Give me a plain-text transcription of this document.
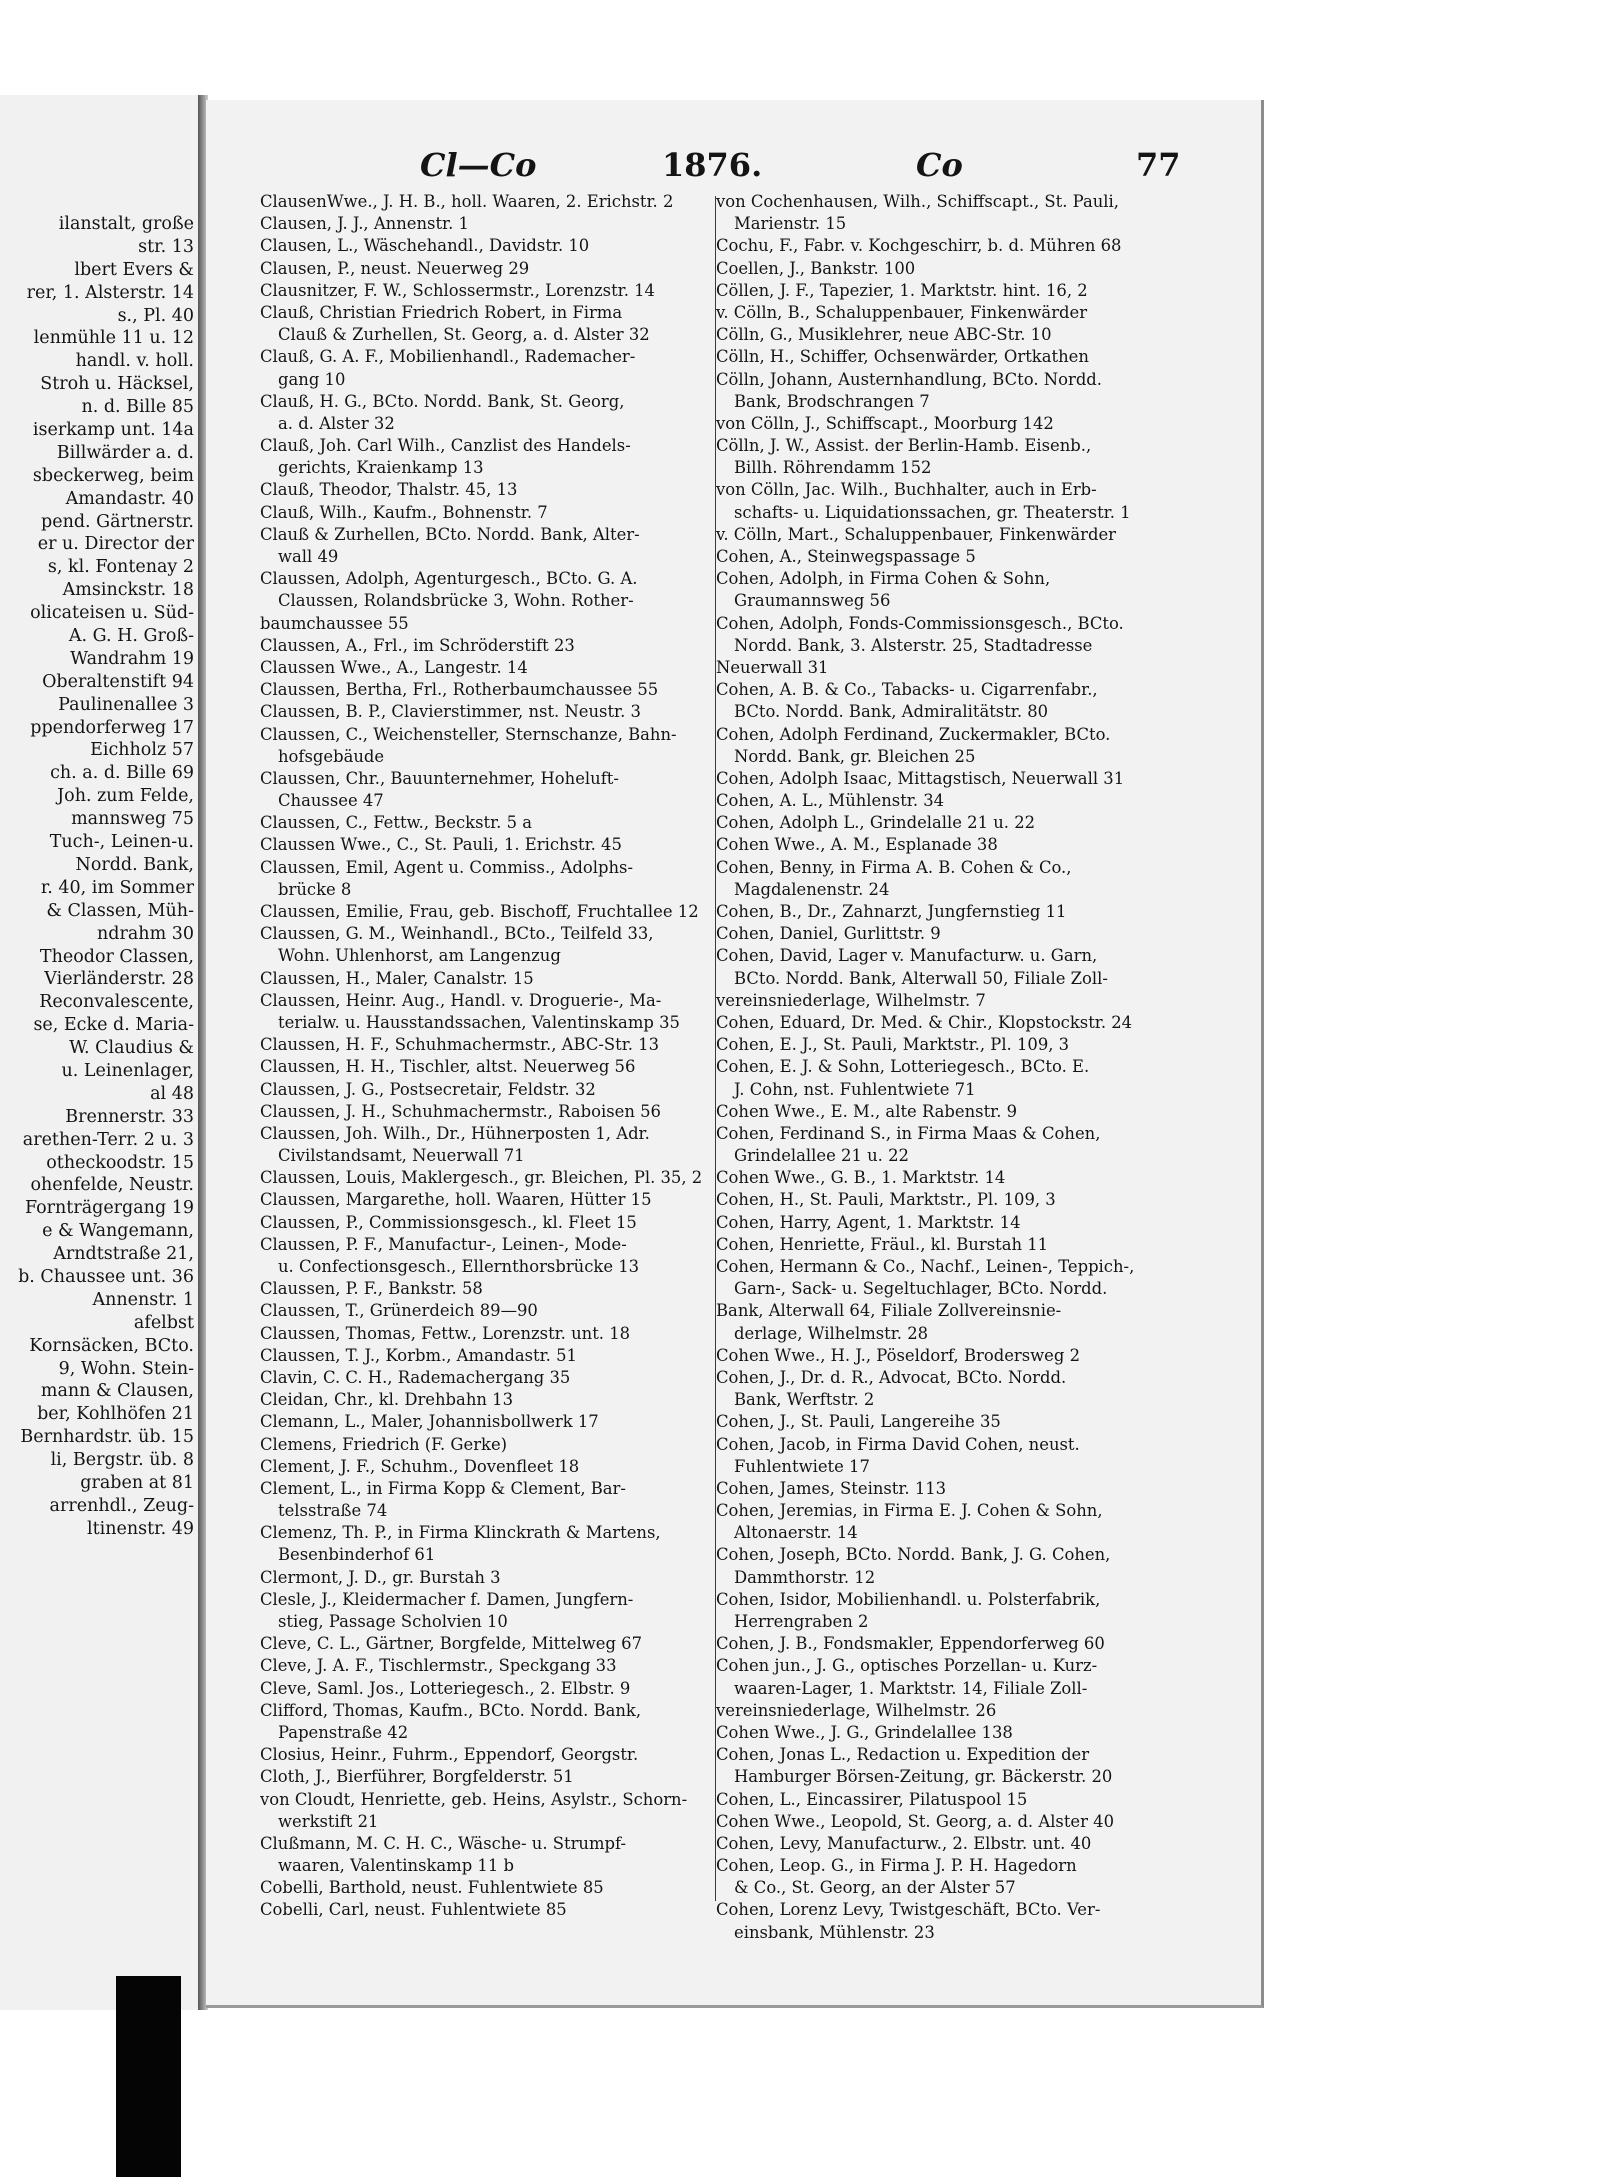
ilanstalt, große
str. 13
lbert Evers &
rer, 1. Alsterstr. 14
s., Pl. 40
lenmühle 11 u. 12
handl. v. holl.
Stroh u. Häcksel,
n. d. Bille 85
iserkamp unt. 14a
Billwärder a. d.
sbeckerweg, beim
Amandastr. 40
pend. Gärtnerstr.
er u. Director der
s, kl. Fontenay 2
Amsinckstr. 18
olicateisen u. Süd-
A. G. H. Groß-
Wandrahm 19
Oberaltenstift 94
Paulinenallee 3
ppendorferweg 17
Eichholz 57
ch. a. d. Bille 69
Joh. zum Felde,
mannsweg 75
Tuch-, Leinen-u.
Nordd. Bank,
r. 40, im Sommer
& Classen, Müh-
ndrahm 30
Theodor Classen,
Vierländerstr. 28
Reconvalescente,
se, Ecke d. Maria-
W. Claudius &
u. Leinenlager,
al 48
Brennerstr. 33
arethen-Terr. 2 u. 3
otheckoodstr. 15
ohenfelde, Neustr.
Fornträgergang 19
e & Wangemann,
Arndtstraße 21,
b. Chaussee unt. 36
Annenstr. 1
afelbst
Kornsäcken, BCto.
9, Wohn. Stein-
mann & Clausen,
ber, Kohlhöfen 21
Bernhardstr. üb. 15
li, Bergstr. üb. 8
graben at 81
arrenhdl., Zeug-
ltinenstr. 49
Cl—Co	1876.	Co	77
ClausenWwe., J. H. B., holl. Waaren, 2. Erichstr. 2
Clausen, J. J., Annenstr. 1
Clausen, L., Wäschehandl., Davidstr. 10
Clausen, P., neust. Neuerweg 29
Clausnitzer, F. W., Schlossermstr., Lorenzstr. 14
Clauß, Christian Friedrich Robert, in Firma
Clauß & Zurhellen, St. Georg, a. d. Alster 32
Clauß, G. A. F., Mobilienhandl., Rademacher-
gang 10
Clauß, H. G., BCto. Nordd. Bank, St. Georg,
a. d. Alster 32
Clauß, Joh. Carl Wilh., Canzlist des Handels-
gerichts, Kraienkamp 13
Clauß, Theodor, Thalstr. 45, 13
Clauß, Wilh., Kaufm., Bohnenstr. 7
Clauß & Zurhellen, BCto. Nordd. Bank, Alter-
wall 49
Claussen, Adolph, Agenturgesch., BCto. G. A.
Claussen, Rolandsbrücke 3, Wohn. Rother-
baumchaussee 55
Claussen, A., Frl., im Schröderstift 23
Claussen Wwe., A., Langestr. 14
Claussen, Bertha, Frl., Rotherbaumchaussee 55
Claussen, B. P., Clavierstimmer, nst. Neustr. 3
Claussen, C., Weichensteller, Sternschanze, Bahn-
hofsgebäude
Claussen, Chr., Bauunternehmer, Hoheluft-
Chaussee 47
Claussen, C., Fettw., Beckstr. 5 a
Claussen Wwe., C., St. Pauli, 1. Erichstr. 45
Claussen, Emil, Agent u. Commiss., Adolphs-
brücke 8
Claussen, Emilie, Frau, geb. Bischoff, Fruchtallee 12
Claussen, G. M., Weinhandl., BCto., Teilfeld 33,
Wohn. Uhlenhorst, am Langenzug
Claussen, H., Maler, Canalstr. 15
Claussen, Heinr. Aug., Handl. v. Droguerie-, Ma-
terialw. u. Hausstandssachen, Valentinskamp 35
Claussen, H. F., Schuhmachermstr., ABC-Str. 13
Claussen, H. H., Tischler, altst. Neuerweg 56
Claussen, J. G., Postsecretair, Feldstr. 32
Claussen, J. H., Schuhmachermstr., Raboisen 56
Claussen, Joh. Wilh., Dr., Hühnerposten 1, Adr.
Civilstandsamt, Neuerwall 71
Claussen, Louis, Maklergesch., gr. Bleichen, Pl. 35, 2
Claussen, Margarethe, holl. Waaren, Hütter 15
Claussen, P., Commissionsgesch., kl. Fleet 15
Claussen, P. F., Manufactur-, Leinen-, Mode-
u. Confectionsgesch., Ellernthorsbrücke 13
Claussen, P. F., Bankstr. 58
Claussen, T., Grünerdeich 89—90
Claussen, Thomas, Fettw., Lorenzstr. unt. 18
Claussen, T. J., Korbm., Amandastr. 51
Clavin, C. C. H., Rademachergang 35
Cleidan, Chr., kl. Drehbahn 13
Clemann, L., Maler, Johannisbollwerk 17
Clemens, Friedrich (F. Gerke)
Clement, J. F., Schuhm., Dovenfleet 18
Clement, L., in Firma Kopp & Clement, Bar-
telsstraße 74
Clemenz, Th. P., in Firma Klinckrath & Martens,
Besenbinderhof 61
Clermont, J. D., gr. Burstah 3
Clesle, J., Kleidermacher f. Damen, Jungfern-
stieg, Passage Scholvien 10
Cleve, C. L., Gärtner, Borgfelde, Mittelweg 67
Cleve, J. A. F., Tischlermstr., Speckgang 33
Cleve, Saml. Jos., Lotteriegesch., 2. Elbstr. 9
Clifford, Thomas, Kaufm., BCto. Nordd. Bank,
Papenstraße 42
Closius, Heinr., Fuhrm., Eppendorf, Georgstr.
Cloth, J., Bierführer, Borgfelderstr. 51
von Cloudt, Henriette, geb. Heins, Asylstr., Schorn-
werkstift 21
Clußmann, M. C. H. C., Wäsche- u. Strumpf-
waaren, Valentinskamp 11 b
Cobelli, Barthold, neust. Fuhlentwiete 85
Cobelli, Carl, neust. Fuhlentwiete 85
von Cochenhausen, Wilh., Schiffscapt., St. Pauli,
Marienstr. 15
Cochu, F., Fabr. v. Kochgeschirr, b. d. Mühren 68
Coellen, J., Bankstr. 100
Cöllen, J. F., Tapezier, 1. Marktstr. hint. 16, 2
v. Cölln, B., Schaluppenbauer, Finkenwärder
Cölln, G., Musiklehrer, neue ABC-Str. 10
Cölln, H., Schiffer, Ochsenwärder, Ortkathen
Cölln, Johann, Austernhandlung, BCto. Nordd.
Bank, Brodschrangen 7
von Cölln, J., Schiffscapt., Moorburg 142
Cölln, J. W., Assist. der Berlin-Hamb. Eisenb.,
Billh. Röhrendamm 152
von Cölln, Jac. Wilh., Buchhalter, auch in Erb-
schafts- u. Liquidationssachen, gr. Theaterstr. 1
v. Cölln, Mart., Schaluppenbauer, Finkenwärder
Cohen, A., Steinwegspassage 5
Cohen, Adolph, in Firma Cohen & Sohn,
Graumannsweg 56
Cohen, Adolph, Fonds-Commissionsgesch., BCto.
Nordd. Bank, 3. Alsterstr. 25, Stadtadresse
Neuerwall 31
Cohen, A. B. & Co., Tabacks- u. Cigarrenfabr.,
BCto. Nordd. Bank, Admiralitätstr. 80
Cohen, Adolph Ferdinand, Zuckermakler, BCto.
Nordd. Bank, gr. Bleichen 25
Cohen, Adolph Isaac, Mittagstisch, Neuerwall 31
Cohen, A. L., Mühlenstr. 34
Cohen, Adolph L., Grindelalle 21 u. 22
Cohen Wwe., A. M., Esplanade 38
Cohen, Benny, in Firma A. B. Cohen & Co.,
Magdalenenstr. 24
Cohen, B., Dr., Zahnarzt, Jungfernstieg 11
Cohen, Daniel, Gurlittstr. 9
Cohen, David, Lager v. Manufacturw. u. Garn,
BCto. Nordd. Bank, Alterwall 50, Filiale Zoll-
vereinsniederlage, Wilhelmstr. 7
Cohen, Eduard, Dr. Med. & Chir., Klopstockstr. 24
Cohen, E. J., St. Pauli, Marktstr., Pl. 109, 3
Cohen, E. J. & Sohn, Lotteriegesch., BCto. E.
J. Cohn, nst. Fuhlentwiete 71
Cohen Wwe., E. M., alte Rabenstr. 9
Cohen, Ferdinand S., in Firma Maas & Cohen,
Grindelallee 21 u. 22
Cohen Wwe., G. B., 1. Marktstr. 14
Cohen, H., St. Pauli, Marktstr., Pl. 109, 3
Cohen, Harry, Agent, 1. Marktstr. 14
Cohen, Henriette, Fräul., kl. Burstah 11
Cohen, Hermann & Co., Nachf., Leinen-, Teppich-,
Garn-, Sack- u. Segeltuchlager, BCto. Nordd.
Bank, Alterwall 64, Filiale Zollvereinsnie-
derlage, Wilhelmstr. 28
Cohen Wwe., H. J., Pöseldorf, Brodersweg 2
Cohen, J., Dr. d. R., Advocat, BCto. Nordd.
Bank, Werftstr. 2
Cohen, J., St. Pauli, Langereihe 35
Cohen, Jacob, in Firma David Cohen, neust.
Fuhlentwiete 17
Cohen, James, Steinstr. 113
Cohen, Jeremias, in Firma E. J. Cohen & Sohn,
Altonaerstr. 14
Cohen, Joseph, BCto. Nordd. Bank, J. G. Cohen,
Dammthorstr. 12
Cohen, Isidor, Mobilienhandl. u. Polsterfabrik,
Herrengraben 2
Cohen, J. B., Fondsmakler, Eppendorferweg 60
Cohen jun., J. G., optisches Porzellan- u. Kurz-
waaren-Lager, 1. Marktstr. 14, Filiale Zoll-
vereinsniederlage, Wilhelmstr. 26
Cohen Wwe., J. G., Grindelallee 138
Cohen, Jonas L., Redaction u. Expedition der
Hamburger Börsen-Zeitung, gr. Bäckerstr. 20
Cohen, L., Eincassirer, Pilatuspool 15
Cohen Wwe., Leopold, St. Georg, a. d. Alster 40
Cohen, Levy, Manufacturw., 2. Elbstr. unt. 40
Cohen, Leop. G., in Firma J. P. H. Hagedorn
& Co., St. Georg, an der Alster 57
Cohen, Lorenz Levy, Twistgeschäft, BCto. Ver-
einsbank, Mühlenstr. 23
